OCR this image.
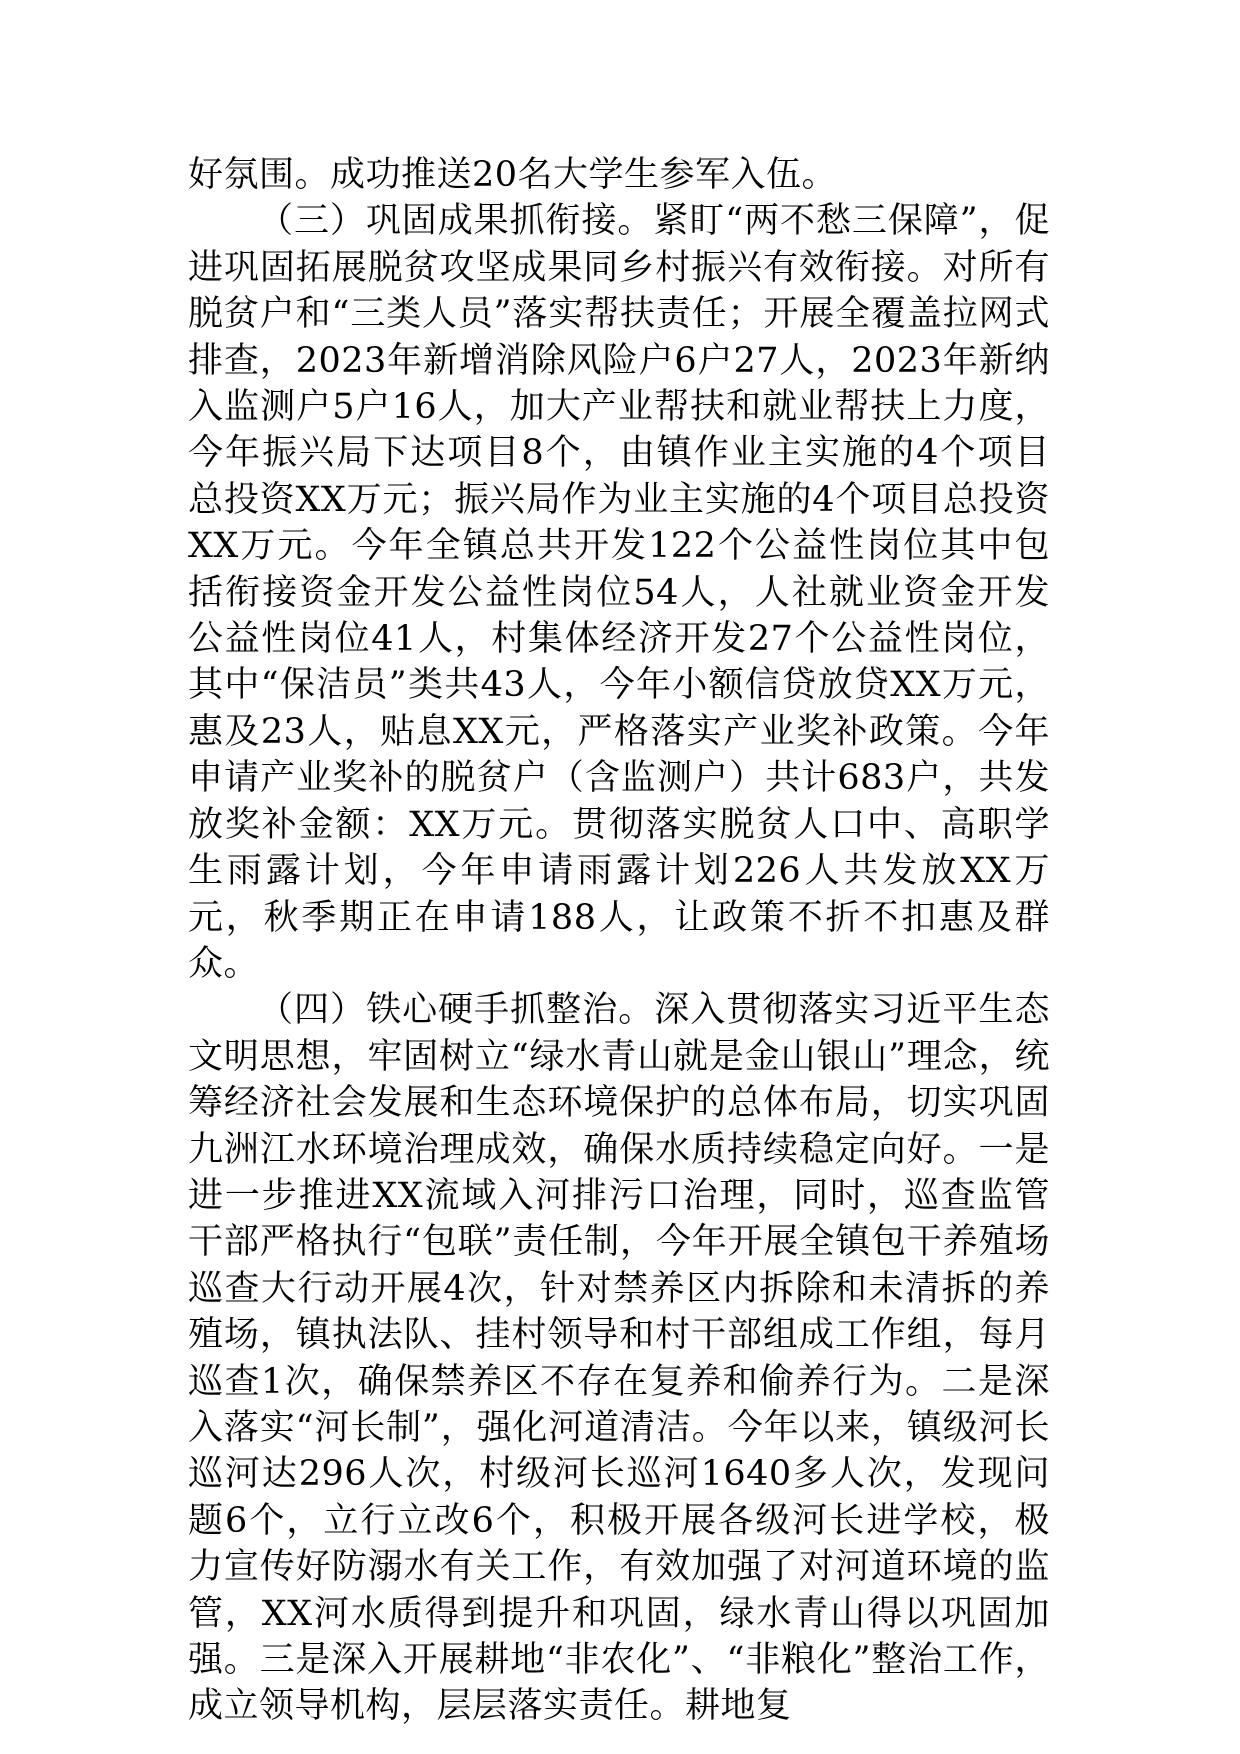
好氛围。成功推送20名大学生参军入伍。

（三）巩固成果抓衔接。紧盯“两不愁三保障”，促进巩固拓展脱贫攻坚成果同乡村振兴有效衔接。对所有脱贫户和“三类人员”落实帮扶责任；开展全覆盖拉网式排查，2023年新增消除风险户6户27人，2023年新纳入监测户5户16人，加大产业帮扶和就业帮扶上力度，今年振兴局下达项目8个，由镇作业主实施的4个项目总投资XX万元；振兴局作为业主实施的4个项目总投资XX万元。今年全镇总共开发122个公益性岗位其中包括衔接资金开发公益性岗位54人，人社就业资金开发公益性岗位41人，村集体经济开发27个公益性岗位，其中“保洁员”类共43人，今年小额信贷放贷XX万元，惠及23人，贴息XX元，严格落实产业奖补政策。今年申请产业奖补的脱贫户（含监测户）共计683户，共发放奖补金额：XX万元。贯彻落实脱贫人口中、高职学生雨露计划，今年申请雨露计划226人共发放XX万元，秋季期正在申请188人，让政策不折不扣惠及群众。

（四）铁心硬手抓整治。深入贯彻落实习近平生态文明思想，牢固树立“绿水青山就是金山银山”理念，统筹经济社会发展和生态环境保护的总体布局，切实巩固九洲江水环境治理成效，确保水质持续稳定向好。一是进一步推进XX流域入河排污口治理，同时，巡查监管干部严格执行“包联”责任制，今年开展全镇包干养殖场巡查大行动开展4次，针对禁养区内拆除和未清拆的养殖场，镇执法队、挂村领导和村干部组成工作组，每月巡查1次，确保禁养区不存在复养和偷养行为。二是深入落实“河长制”，强化河道清洁。今年以来，镇级河长巡河达296人次，村级河长巡河1640多人次，发现问题6个，立行立改6个，积极开展各级河长进学校，极力宣传好防溺水有关工作，有效加强了对河道环境的监管，XX河水质得到提升和巩固，绿水青山得以巩固加强。三是深入开展耕地“非农化”、“非粮化”整治工作，成立领导机构，层层落实责任。耕地复
